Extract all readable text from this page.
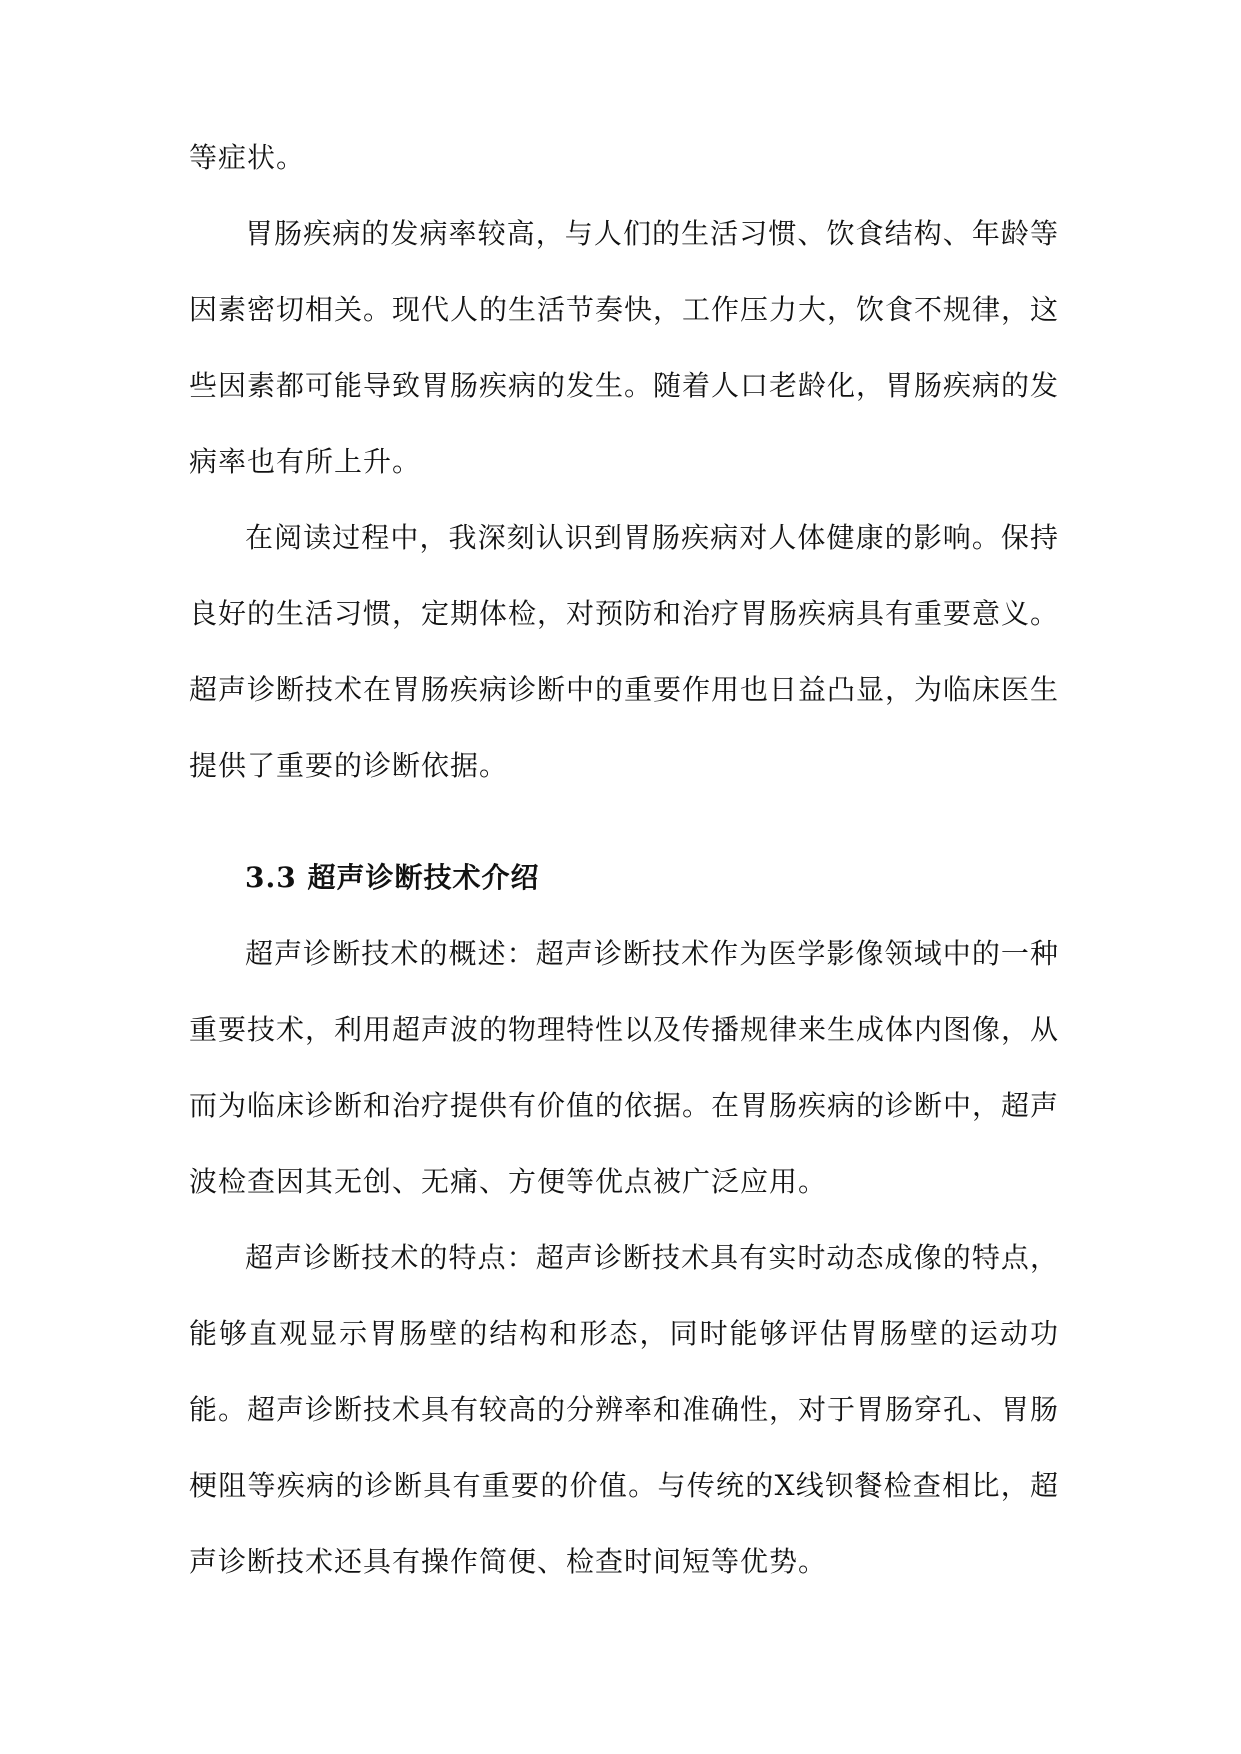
等症状。

胃肠疾病的发病率较高，与人们的生活习惯、饮食结构、年龄等因素密切相关。现代人的生活节奏快，工作压力大，饮食不规律，这些因素都可能导致胃肠疾病的发生。随着人口老龄化，胃肠疾病的发病率也有所上升。

在阅读过程中，我深刻认识到胃肠疾病对人体健康的影响。保持良好的生活习惯，定期体检，对预防和治疗胃肠疾病具有重要意义。超声诊断技术在胃肠疾病诊断中的重要作用也日益凸显，为临床医生提供了重要的诊断依据。

3.3 超声诊断技术介绍

超声诊断技术的概述：超声诊断技术作为医学影像领域中的一种重要技术，利用超声波的物理特性以及传播规律来生成体内图像，从而为临床诊断和治疗提供有价值的依据。在胃肠疾病的诊断中，超声波检查因其无创、无痛、方便等优点被广泛应用。

超声诊断技术的特点：超声诊断技术具有实时动态成像的特点，能够直观显示胃肠壁的结构和形态，同时能够评估胃肠壁的运动功能。超声诊断技术具有较高的分辨率和准确性，对于胃肠穿孔、胃肠梗阻等疾病的诊断具有重要的价值。与传统的X线钡餐检查相比，超声诊断技术还具有操作简便、检查时间短等优势。
